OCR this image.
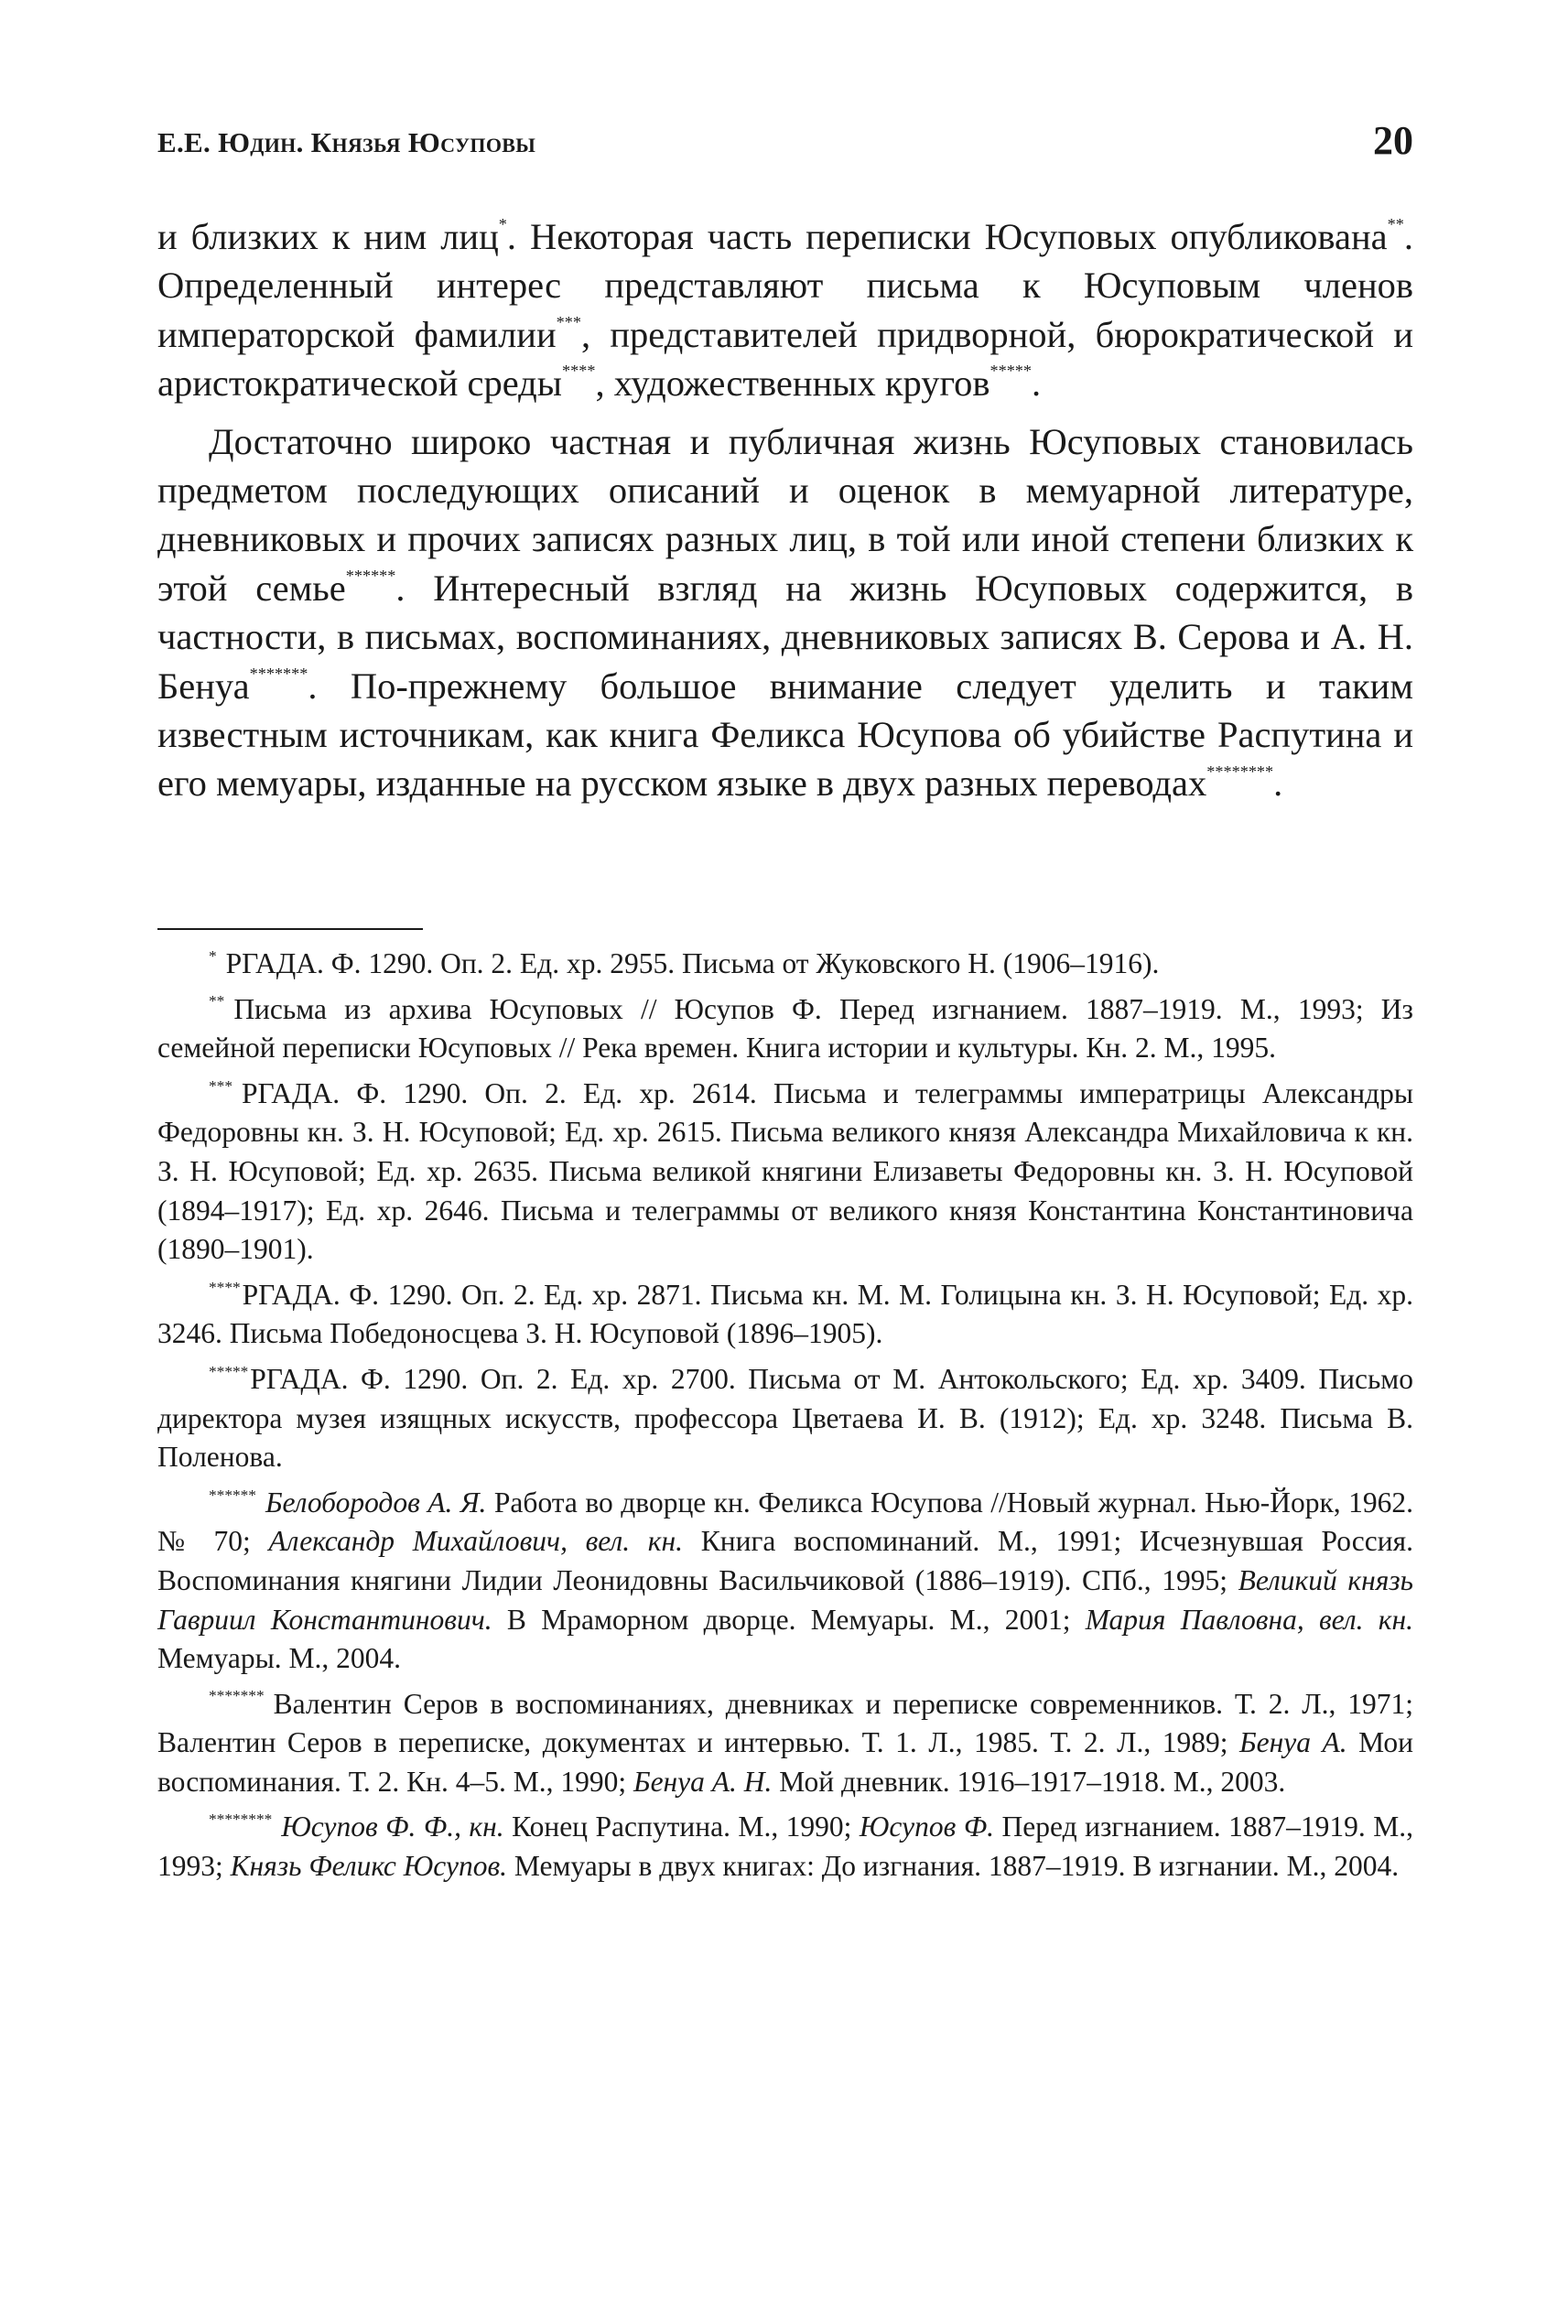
Е.Е. Юдин. Князья Юсуповы	20

и близких к ним лиц*. Некоторая часть переписки Юсуповых опубликована**. Определенный интерес представляют письма к Юсуповым членов императорской фамилии***, представителей придворной, бюрократической и аристократической среды****, художественных кругов*****.

Достаточно широко частная и публичная жизнь Юсуповых становилась предметом последующих описаний и оценок в мемуарной литературе, дневниковых и прочих записях разных лиц, в той или иной степени близких к этой семье******. Интересный взгляд на жизнь Юсуповых содержится, в частности, в письмах, воспоминаниях, дневниковых записях В. Серова и А. Н. Бенуа*******. По-прежнему большое внимание следует уделить и таким известным источникам, как книга Феликса Юсупова об убийстве Распутина и его мемуары, изданные на русском языке в двух разных переводах********.

* РГАДА. Ф. 1290. Оп. 2. Ед. хр. 2955. Письма от Жуковского Н. (1906–1916).

** Письма из архива Юсуповых // Юсупов Ф. Перед изгнанием. 1887–1919. М., 1993; Из семейной переписки Юсуповых // Река времен. Книга истории и культуры. Кн. 2. М., 1995.

*** РГАДА. Ф. 1290. Оп. 2. Ед. хр. 2614. Письма и телеграммы императрицы Александры Федоровны кн. З. Н. Юсуповой; Ед. хр. 2615. Письма великого князя Александра Михайловича к кн. З. Н. Юсуповой; Ед. хр. 2635. Письма великой княгини Елизаветы Федоровны кн. З. Н. Юсуповой (1894–1917); Ед. хр. 2646. Письма и телеграммы от великого князя Константина Константиновича (1890–1901).

****РГАДА. Ф. 1290. Оп. 2. Ед. хр. 2871. Письма кн. М. М. Голицына кн. З. Н. Юсуповой; Ед. хр. 3246. Письма Победоносцева З. Н. Юсуповой (1896–1905).

*****РГАДА. Ф. 1290. Оп. 2. Ед. хр. 2700. Письма от М. Антокольского; Ед. хр. 3409. Письмо директора музея изящных искусств, профессора Цветаева И. В. (1912); Ед. хр. 3248. Письма В. Поленова.

****** Белобородов А. Я. Работа во дворце кн. Феликса Юсупова //Новый журнал. Нью-Йорк, 1962. № 70; Александр Михайлович, вел. кн. Книга воспоминаний. М., 1991; Исчезнувшая Россия. Воспоминания княгини Лидии Леонидовны Васильчиковой (1886–1919). СПб., 1995; Великий князь Гавриил Константинович. В Мраморном дворце. Мемуары. М., 2001; Мария Павловна, вел. кн. Мемуары. М., 2004.

******* Валентин Серов в воспоминаниях, дневниках и переписке современников. Т. 2. Л., 1971; Валентин Серов в переписке, документах и интервью. Т. 1. Л., 1985. Т. 2. Л., 1989; Бенуа А. Мои воспоминания. Т. 2. Кн. 4–5. М., 1990; Бенуа А. Н. Мой дневник. 1916–1917–1918. М., 2003.

******** Юсупов Ф. Ф., кн. Конец Распутина. М., 1990; Юсупов Ф. Перед изгнанием. 1887–1919. М., 1993; Князь Феликс Юсупов. Мемуары в двух книгах: До изгнания. 1887–1919. В изгнании. М., 2004.
